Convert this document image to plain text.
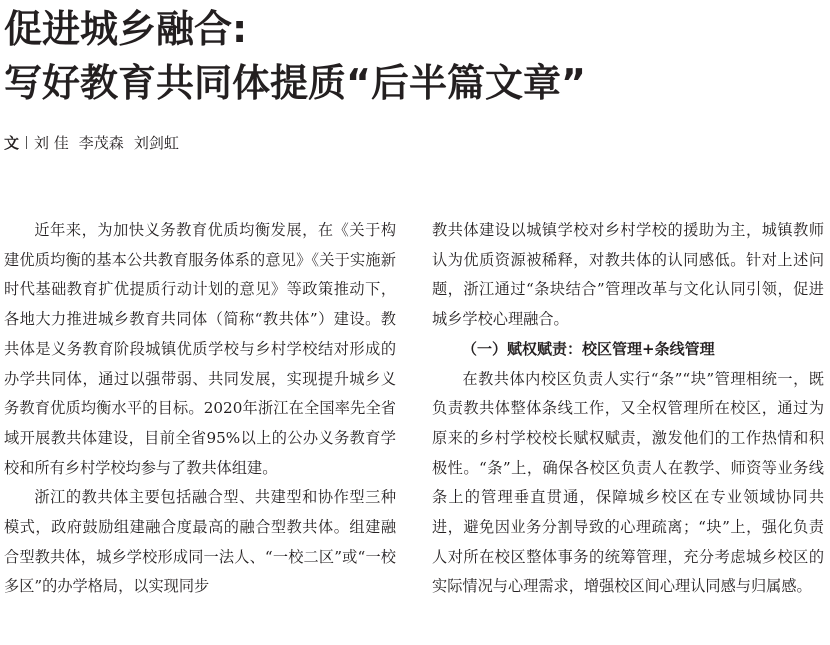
促进城乡融合:
写好教育共同体提质“后半篇文章”
文 刘 佳 李茂森 刘剑虹

近年来，为加快义务教育优质均衡发展，在《关于构建优质均衡的基本公共教育服务体系的意见》《关于实施新时代基础教育扩优提质行动计划的意见》等政策推动下，各地大力推进城乡教育共同体（简称“教共体”）建设。教共体是义务教育阶段城镇优质学校与乡村学校结对形成的办学共同体，通过以强带弱、共同发展，实现提升城乡义务教育优质均衡水平的目标。2020年浙江在全国率先全省域开展教共体建设，目前全省95%以上的公办义务教育学校和所有乡村学校均参与了教共体组建。

浙江的教共体主要包括融合型、共建型和协作型三种模式，政府鼓励组建融合度最高的融合型教共体。组建融合型教共体，城乡学校形成同一法人、“一校二区”或“一校多区”的办学格局，以实现同步

教共体建设以城镇学校对乡村学校的援助为主，城镇教师认为优质资源被稀释，对教共体的认同感低。针对上述问题，浙江通过“条块结合”管理改革与文化认同引领，促进城乡学校心理融合。

（一）赋权赋责：校区管理+条线管理

在教共体内校区负责人实行“条”“块”管理相统一，既负责教共体整体条线工作，又全权管理所在校区，通过为原来的乡村学校校长赋权赋责，激发他们的工作热情和积极性。“条”上，确保各校区负责人在教学、师资等业务线条上的管理垂直贯通，保障城乡校区在专业领域协同共进，避免因业务分割导致的心理疏离；“块”上，强化负责人对所在校区整体事务的统筹管理，充分考虑城乡校区的实际情况与心理需求，增强校区间心理认同感与归属感。
